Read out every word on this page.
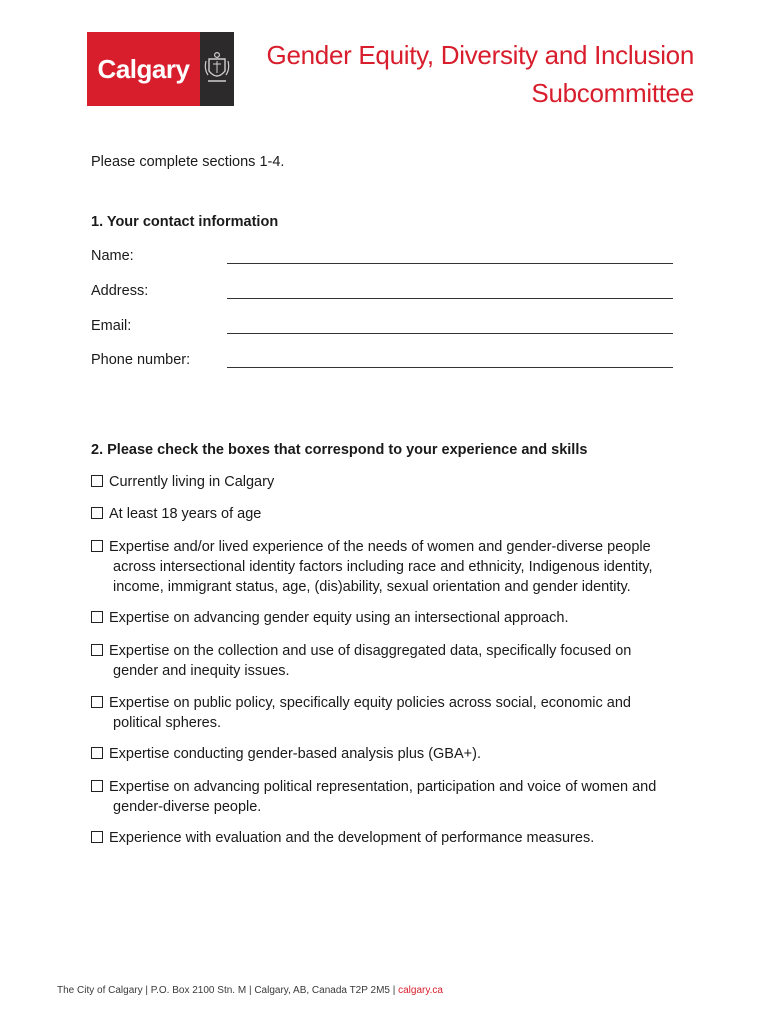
Calgary	Gender Equity, Diversity and Inclusion
Subcommittee
Please complete sections 1-4.
1. Your contact information
Name:
Address:
Email:
Phone number:
2. Please check the boxes that correspond to your experience and skills
Currently living in Calgary
At least 18 years of age
Expertise and/or lived experience of the needs of women and gender-diverse people
across intersectional identity factors including race and ethnicity, Indigenous identity,
income, immigrant status, age, (dis)ability, sexual orientation and gender identity.
Expertise on advancing gender equity using an intersectional approach.
Expertise on the collection and use of disaggregated data, specifically focused on
gender and inequity issues.
Expertise on public policy, specifically equity policies across social, economic and
political spheres.
Expertise conducting gender-based analysis plus (GBA+).
Expertise on advancing political representation, participation and voice of women and
gender-diverse people.
Experience with evaluation and the development of performance measures.
The City of Calgary | P.O. Box 2100 Stn. M | Calgary, AB, Canada T2P 2M5 | calgary.ca
